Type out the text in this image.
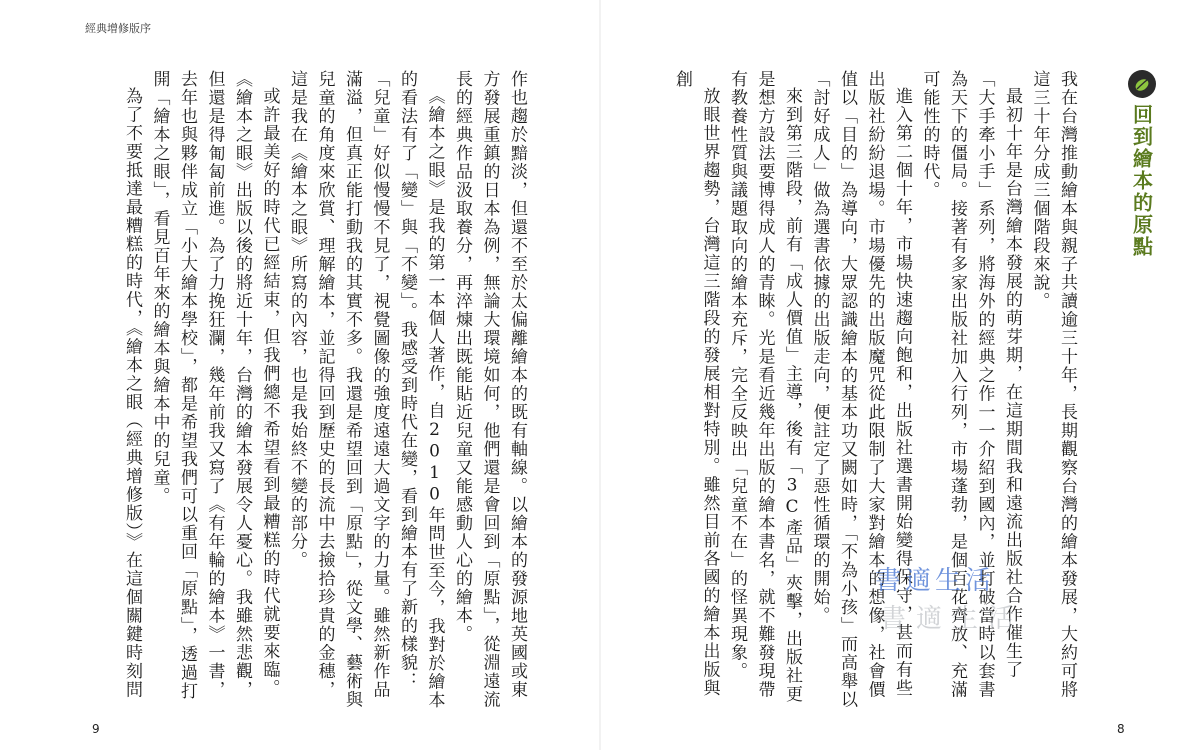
經典增修版序

作也趨於黯淡，但還不至於太偏離繪本的既有軸線。以繪本的發源地英國或東方發展重鎮的日本為例，無論大環境如何，他們還是會回到「原點」，從淵遠流長的經典作品汲取養分，再淬煉出既能貼近兒童又能感動人心的繪本。

《繪本之眼》是我的第一本個人著作，自2010年問世至今，我對於繪本的看法有了「變」與「不變」。我感受到時代在變，看到繪本有了新的樣貌：「兒童」好似慢慢不見了，視覺圖像的強度遠遠大過文字的力量。雖然新作品滿溢，但真正能打動我的其實不多。我還是希望回到「原點」，從文學、藝術與兒童的角度來欣賞、理解繪本，並記得回到歷史的長流中去撿拾珍貴的金穗，這是我在《繪本之眼》所寫的內容，也是我始終不變的部分。

或許最美好的時代已經結束，但我們總不希望看到最糟糕的時代就要來臨。《繪本之眼》出版以後的將近十年，台灣的繪本發展令人憂心。我雖然悲觀，但還是得匍匐前進。為了力挽狂瀾，幾年前我又寫了《有年輪的繪本》一書，去年也與夥伴成立「小大繪本學校」，都是希望我們可以重回「原點」，透過打開「繪本之眼」，看見百年來的繪本與繪本中的兒童。

為了不要抵達最糟糕的時代，《繪本之眼（經典增修版）》在這個關鍵時刻問

9
回到繪本的原點

我在台灣推動繪本與親子共讀逾三十年，長期觀察台灣的繪本發展，大約可將這三十年分成三個階段來說。

最初十年是台灣繪本發展的萌芽期，在這期間我和遠流出版社合作催生了「大手牽小手」系列，將海外的經典之作一一介紹到國內，並打破當時以套書為天下的僵局。接著有多家出版社加入行列，市場蓬勃，是個百花齊放、充滿可能性的時代。

進入第二個十年，市場快速趨向飽和，出版社選書開始變得保守，甚而有些出版社紛紛退場。市場優先的出版魔咒從此限制了大家對繪本的想像，社會價值以「目的」為導向，大眾認識繪本的基本功又闕如時，「不為小孩」而高舉以「討好成人」做為選書依據的出版走向，便註定了惡性循環的開始。

來到第三階段，前有「成人價值」主導，後有「3C產品」夾擊，出版社更是想方設法要博得成人的青睞。光是看近幾年出版的繪本書名，就不難發現帶有教養性質與議題取向的繪本充斥，完全反映出「兒童不在」的怪異現象。

放眼世界趨勢，台灣這三階段的發展相對特別。雖然目前各國的繪本出版與創

書適生活
書適生活
8
